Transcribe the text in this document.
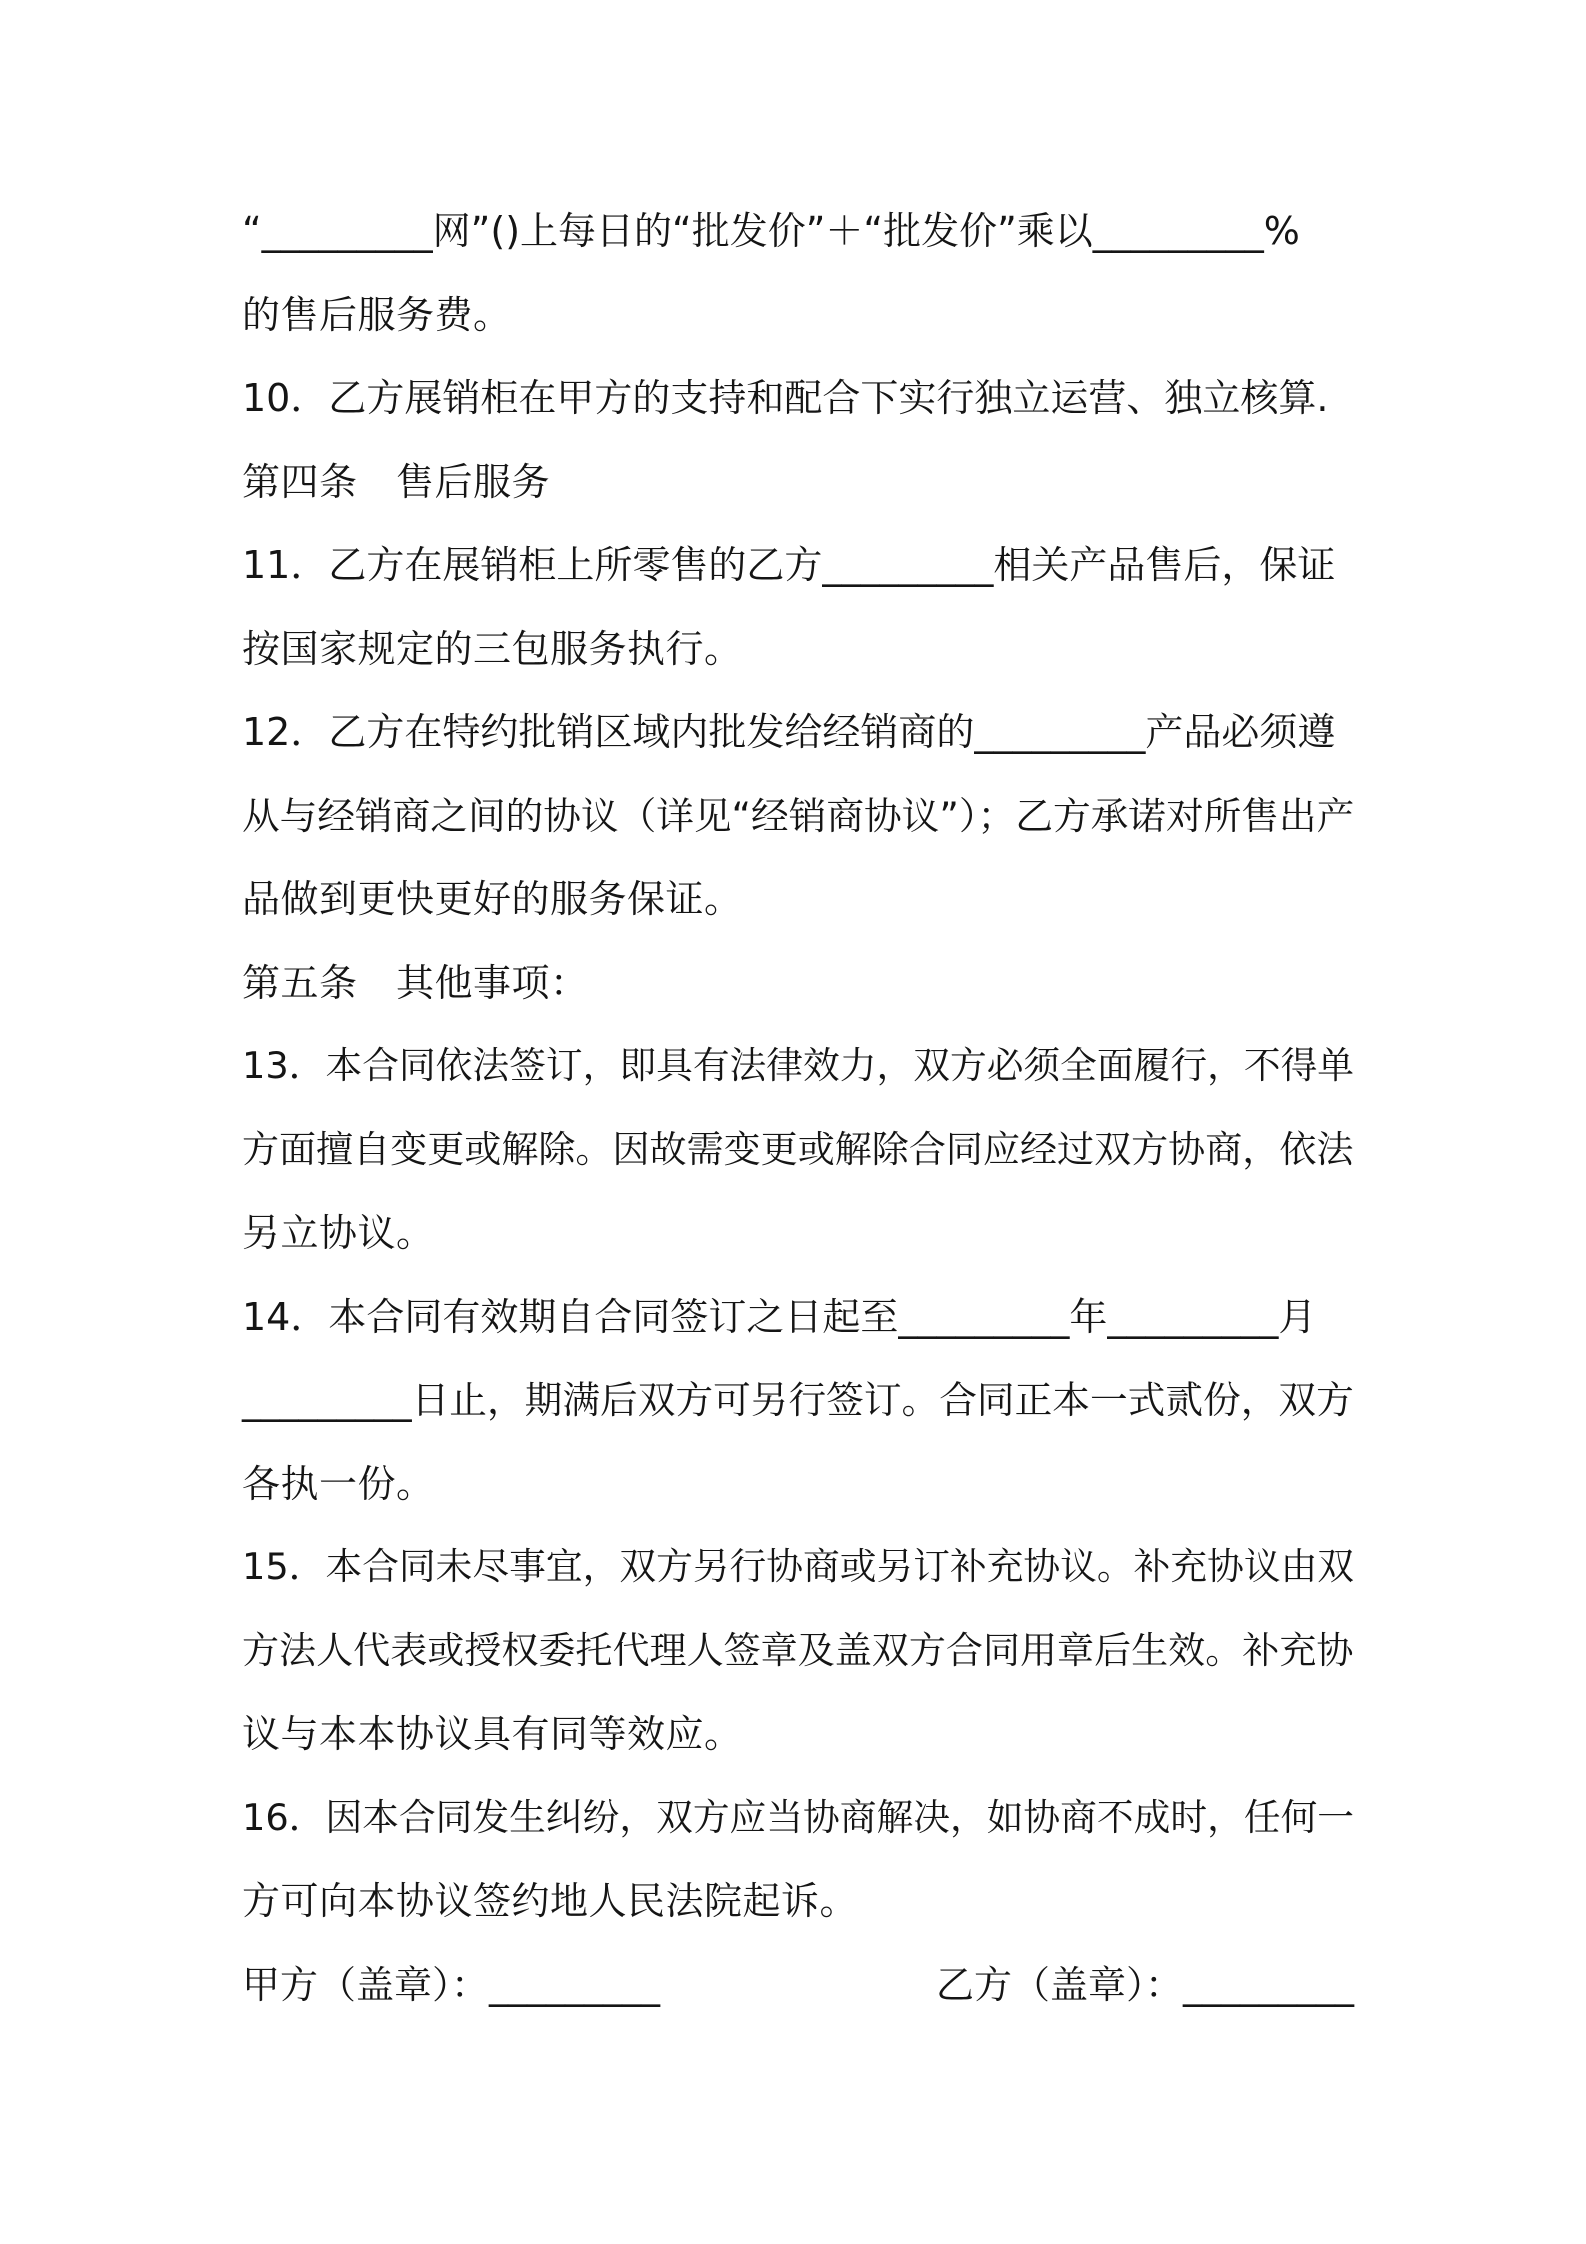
“_________网”()上每日的“批发价”＋“批发价”乘以_________%
的售后服务费。
10．乙方展销柜在甲方的支持和配合下实行独立运营、独立核算.
第四条　售后服务
11．乙方在展销柜上所零售的乙方_________相关产品售后，保证
按国家规定的三包服务执行。
12．乙方在特约批销区域内批发给经销商的_________产品必须遵
从与经销商之间的协议（详见“经销商协议”）；乙方承诺对所售出产
品做到更快更好的服务保证。
第五条　其他事项：
13．本合同依法签订，即具有法律效力，双方必须全面履行，不得单
方面擅自变更或解除。因故需变更或解除合同应经过双方协商，依法
另立协议。
14．本合同有效期自合同签订之日起至_________年_________月
_________日止，期满后双方可另行签订。合同正本一式贰份，双方
各执一份。
15．本合同未尽事宜，双方另行协商或另订补充协议。补充协议由双
方法人代表或授权委托代理人签章及盖双方合同用章后生效。补充协
议与本本协议具有同等效应。
16．因本合同发生纠纷，双方应当协商解决，如协商不成时，任何一
方可向本协议签约地人民法院起诉。
甲方（盖章）：_________	乙方（盖章）：_________
